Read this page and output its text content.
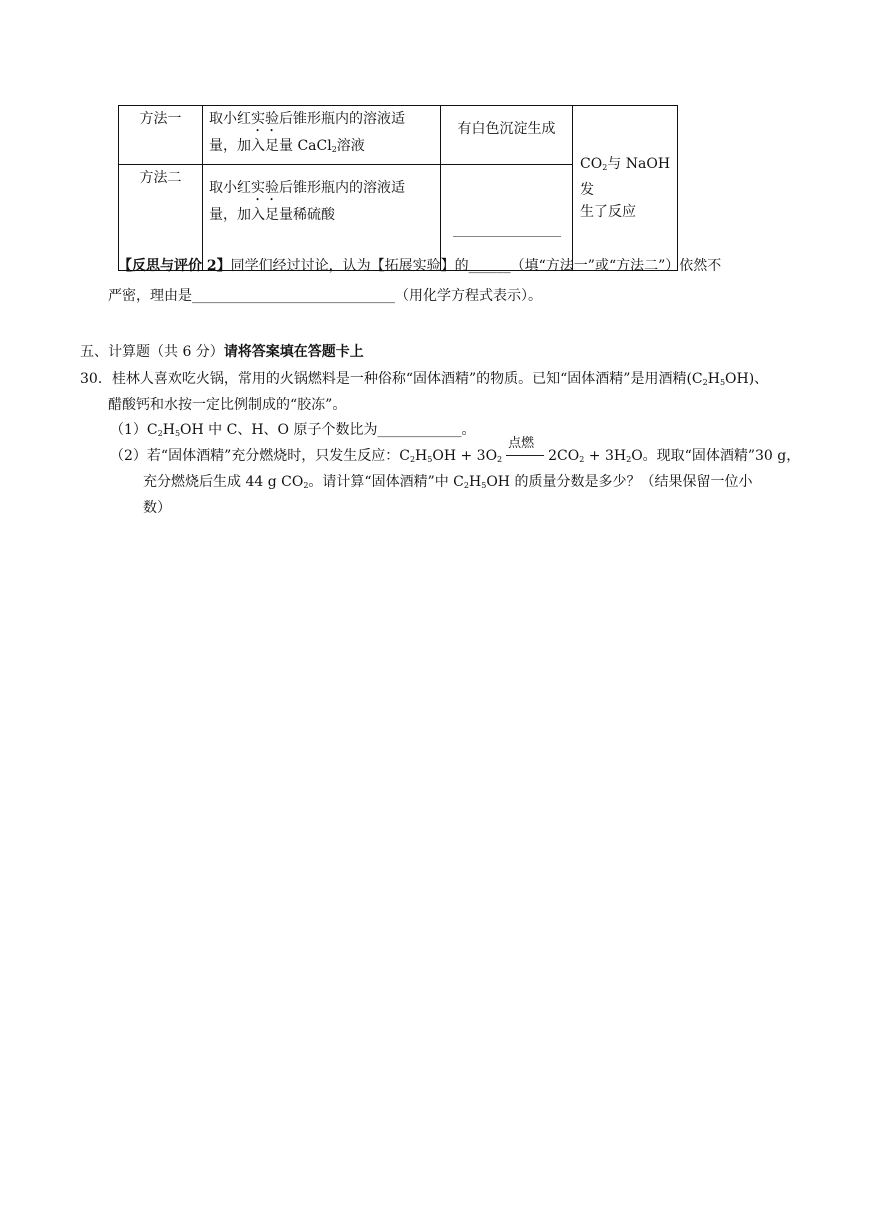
方法一	取小红实验后锥形瓶内的溶液适
量，加入足量 CaCl$_2$溶液	有白色沉淀生成	$CO_2$与 NaOH 发
生了反应
方法二	取小红实验后锥形瓶内的溶液适
量，加入足量稀硫酸		
【反思与评价 2】同学们经过讨论，认为【拓展实验】的______（填“方法一”或“方法二”）依然不
严密，理由是_____________________________（用化学方程式表示）。
五、计算题（共 6 分）请将答案填在答题卡上
30．桂林人喜欢吃火锅，常用的火锅燃料是一种俗称“固体酒精”的物质。已知“固体酒精”是用酒精$(C_2H_5OH)$、
醋酸钙和水按一定比例制成的“胶冻”。
$(1)C_2H_5OH$ 中 C、H、O 原子个数比为____________。
（2）若“固体酒精”充分燃烧时，只发生反应：$C_2H_5OH + 3O_2$
点燃
$2CO_2 + 3H_2O$。现取“固体酒精”30 g，
充分燃烧后生成 44 g $CO_2$。请计算“固体酒精”中 $C_2H_5OH$ 的质量分数是多少？（结果保留一位小
数）
